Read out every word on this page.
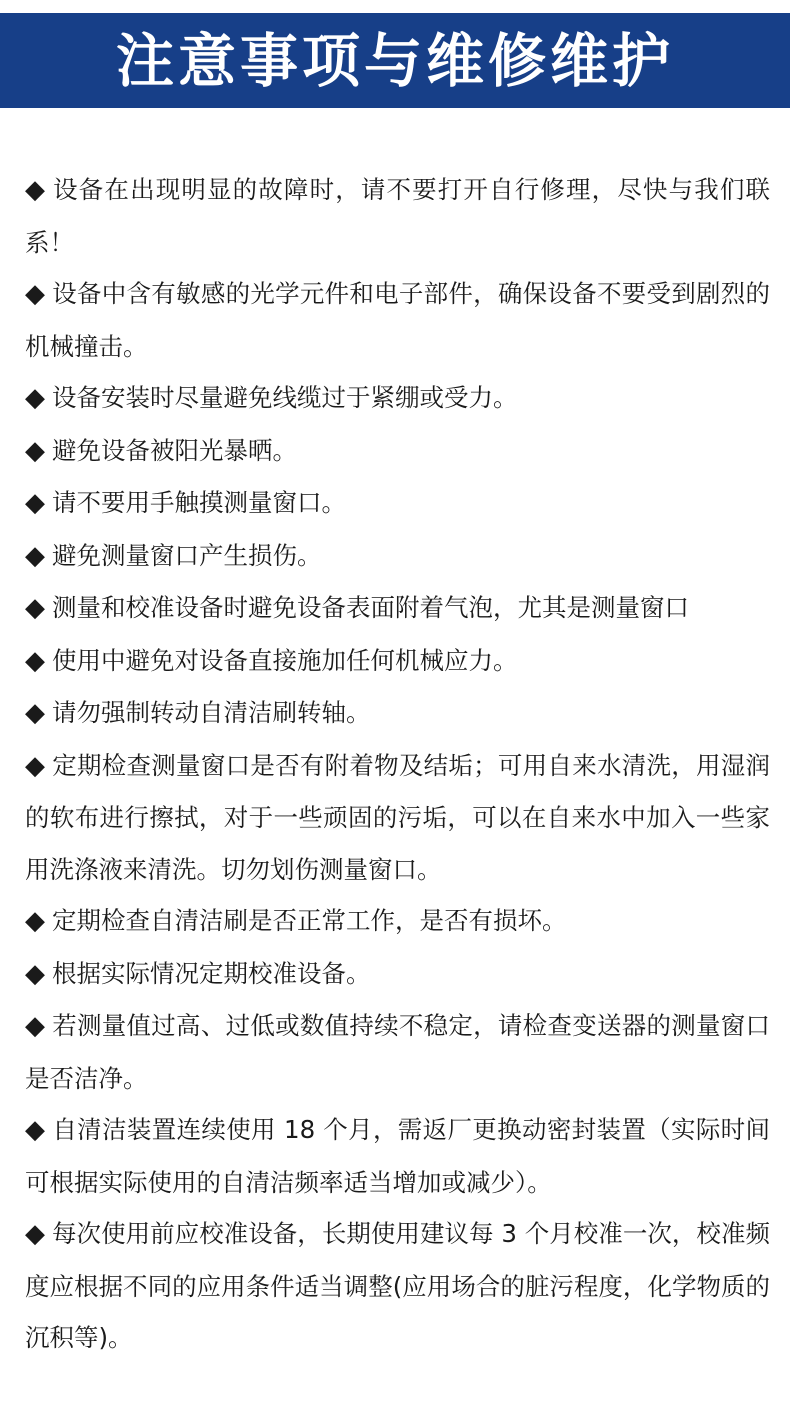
注意事项与维修维护

◆ 设备在出现明显的故障时，请不要打开自行修理，尽快与我们联系！

◆ 设备中含有敏感的光学元件和电子部件，确保设备不要受到剧烈的机械撞击。

◆ 设备安装时尽量避免线缆过于紧绷或受力。

◆ 避免设备被阳光暴晒。

◆ 请不要用手触摸测量窗口。

◆ 避免测量窗口产生损伤。

◆ 测量和校准设备时避免设备表面附着气泡，尤其是测量窗口

◆ 使用中避免对设备直接施加任何机械应力。

◆ 请勿强制转动自清洁刷转轴。

◆ 定期检查测量窗口是否有附着物及结垢；可用自来水清洗，用湿润的软布进行擦拭，对于一些顽固的污垢，可以在自来水中加入一些家用洗涤液来清洗。切勿划伤测量窗口。

◆ 定期检查自清洁刷是否正常工作，是否有损坏。

◆ 根据实际情况定期校准设备。

◆ 若测量值过高、过低或数值持续不稳定，请检查变送器的测量窗口是否洁净。

◆ 自清洁装置连续使用 18 个月，需返厂更换动密封装置（实际时间可根据实际使用的自清洁频率适当增加或减少）。

◆ 每次使用前应校准设备，长期使用建议每 3 个月校准一次，校准频度应根据不同的应用条件适当调整(应用场合的脏污程度，化学物质的沉积等)。
